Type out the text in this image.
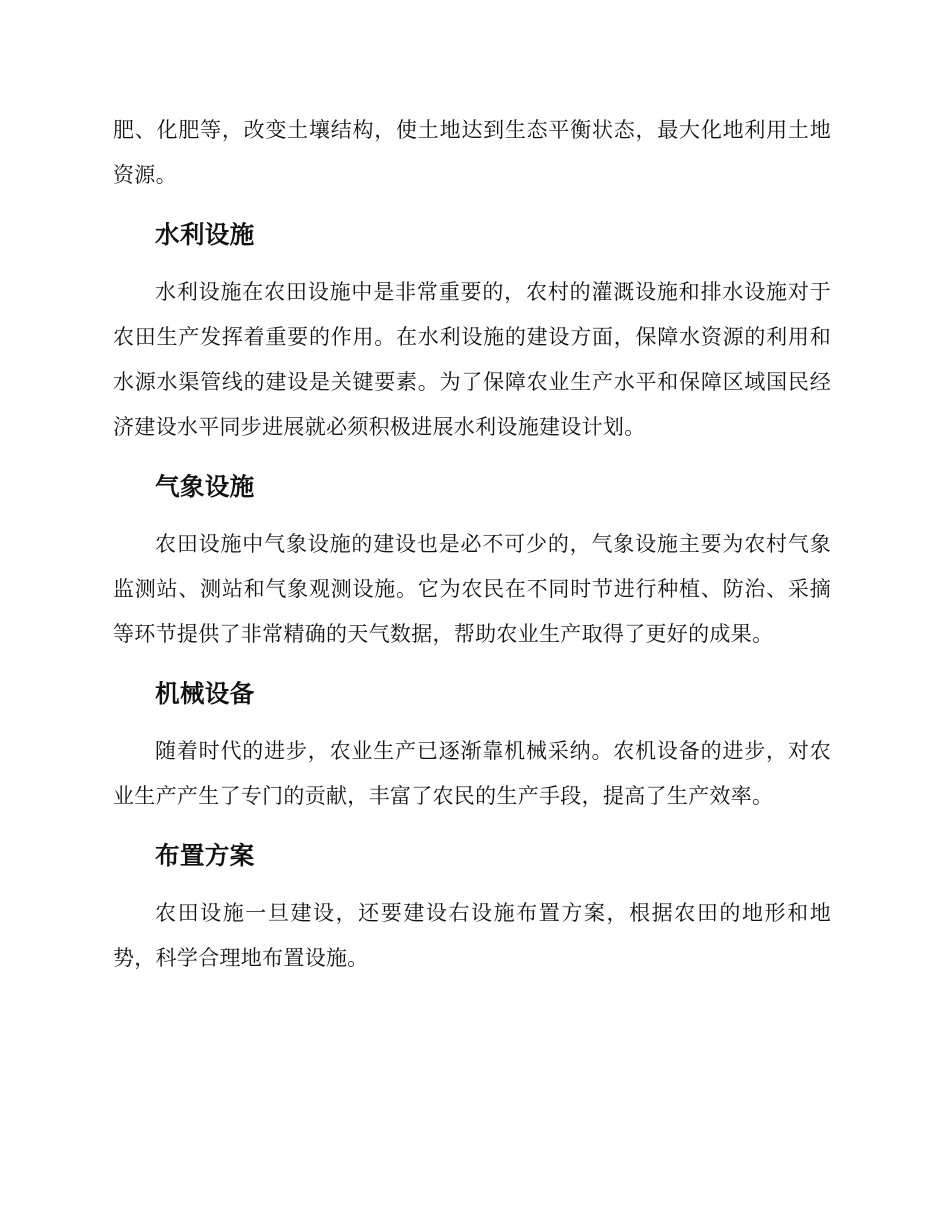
肥、化肥等，改变土壤结构，使土地达到生态平衡状态，最大化地利用土地资源。

水利设施

水利设施在农田设施中是非常重要的，农村的灌溉设施和排水设施对于农田生产发挥着重要的作用。在水利设施的建设方面，保障水资源的利用和水源水渠管线的建设是关键要素。为了保障农业生产水平和保障区域国民经济建设水平同步进展就必须积极进展水利设施建设计划。

气象设施

农田设施中气象设施的建设也是必不可少的，气象设施主要为农村气象监测站、测站和气象观测设施。它为农民在不同时节进行种植、防治、采摘等环节提供了非常精确的天气数据，帮助农业生产取得了更好的成果。

机械设备

随着时代的进步，农业生产已逐渐靠机械采纳。农机设备的进步，对农业生产产生了专门的贡献，丰富了农民的生产手段，提高了生产效率。

布置方案

农田设施一旦建设，还要建设右设施布置方案，根据农田的地形和地势，科学合理地布置设施。
